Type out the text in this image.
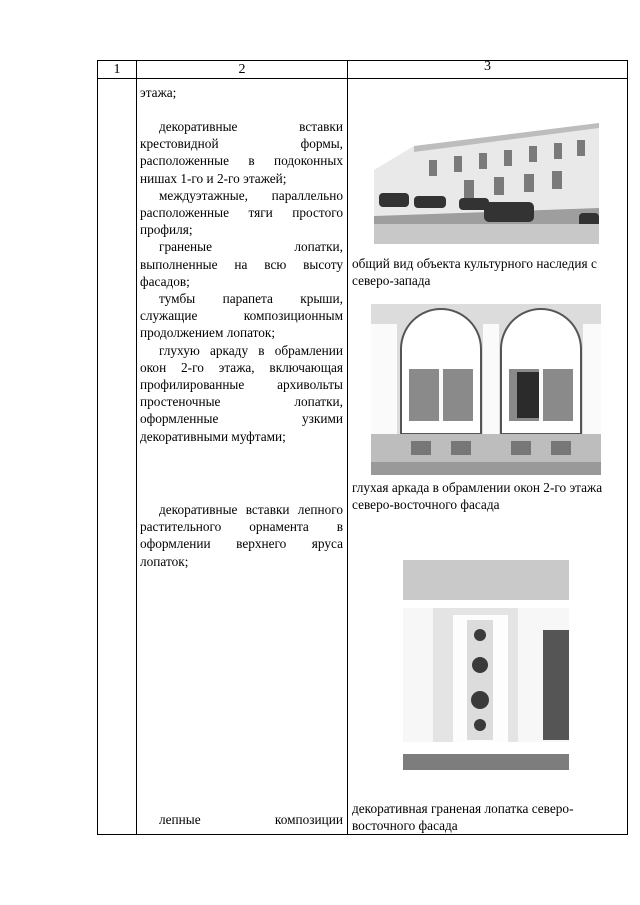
1	2	3

этажа;

декоративные вставки крестовидной формы, расположенные в подоконных нишах 1-го и 2-го этажей;

междуэтажные, параллельно расположенные тяги простого профиля;

граненые лопатки, выполненные на всю высоту фасадов;

тумбы парапета крыши, служащие композиционным продолжением лопаток;

глухую аркаду в обрамлении окон 2-го этажа, включающая профилированные архивольты простеночные лопатки, оформленные узкими декоративными муфтами;

декоративные вставки лепного растительного орнамента в оформлении верхнего яруса лопаток;

лепные композиции

общий вид объекта культурного наследия с северо-запада
глухая аркада в обрамлении окон 2-го этажа северо-восточного фасада
декоративная граненая лопатка северо-восточного фасада
